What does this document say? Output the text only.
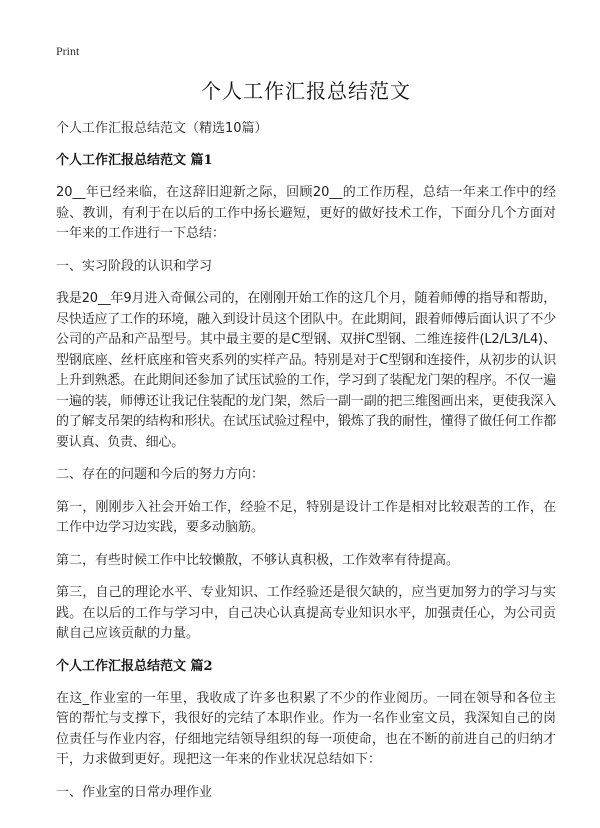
Print
个人工作汇报总结范文
个人工作汇报总结范文（精选10篇）
个人工作汇报总结范文 篇1

20__年已经来临，在这辞旧迎新之际，回顾20__的工作历程，总结一年来工作中的经验、教训，有利于在以后的工作中扬长避短，更好的做好技术工作，下面分几个方面对一年来的工作进行一下总结：

一、实习阶段的认识和学习

我是20__年9月进入奇佩公司的，在刚刚开始工作的这几个月，随着师傅的指导和帮助，尽快适应了工作的环境，融入到设计员这个团队中。在此期间，跟着师傅后面认识了不少公司的产品和产品型号。其中最主要的是C型钢、双拼C型钢、二维连接件(L2/L3/L4)、型钢底座、丝杆底座和管夹系列的实样产品。特别是对于C型钢和连接件，从初步的认识上升到熟悉。在此期间还参加了试压试验的工作，学习到了装配龙门架的程序。不仅一遍一遍的装，师傅还让我记住装配的龙门架，然后一副一副的把三维图画出来，更使我深入的了解支吊架的结构和形状。在试压试验过程中，锻炼了我的耐性，懂得了做任何工作都要认真、负责、细心。

二、存在的问题和今后的努力方向：

第一，刚刚步入社会开始工作，经验不足，特别是设计工作是相对比较艰苦的工作，在工作中边学习边实践，要多动脑筋。

第二，有些时候工作中比较懒散，不够认真积极，工作效率有待提高。

第三，自己的理论水平、专业知识、工作经验还是很欠缺的，应当更加努力的学习与实践。在以后的工作与学习中，自己决心认真提高专业知识水平，加强责任心，为公司贡献自己应该贡献的力量。

个人工作汇报总结范文 篇2

在这_作业室的一年里，我收成了许多也积累了不少的作业阅历。一同在领导和各位主管的帮忙与支撑下，我很好的完结了本职作业。作为一名作业室文员，我深知自己的岗位责任与作业内容，仔细地完结领导组织的每一项使命，也在不断的前进自己的归纳才干，力求做到更好。现把这一年来的作业状况总结如下：

一、作业室的日常办理作业
